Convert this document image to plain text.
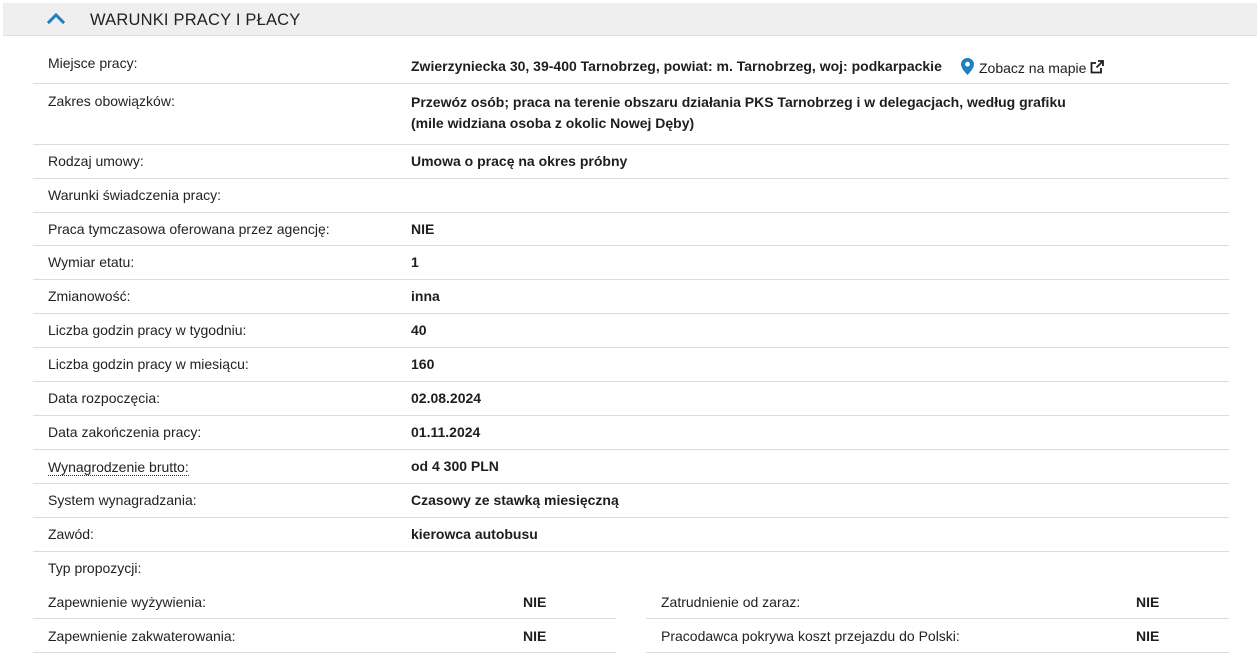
WARUNKI PRACY I PŁACY
Miejsce pracy:	Zwierzyniecka 30, 39-400 Tarnobrzeg, powiat: m. Tarnobrzeg, woj: podkarpackie	Zobacz na mapie
Zakres obowiązków:	Przewóz osób; praca na terenie obszaru działania PKS Tarnobrzeg i w delegacjach, według grafiku
(mile widziana osoba z okolic Nowej Dęby)
Rodzaj umowy:	Umowa o pracę na okres próbny
Warunki świadczenia pracy:
Praca tymczasowa oferowana przez agencję:	NIE
Wymiar etatu:	1
Zmianowość:	inna
Liczba godzin pracy w tygodniu:	40
Liczba godzin pracy w miesiącu:	160
Data rozpoczęcia:	02.08.2024
Data zakończenia pracy:	01.11.2024
Wynagrodzenie brutto:	od 4 300 PLN
System wynagradzania:	Czasowy ze stawką miesięczną
Zawód:	kierowca autobusu
Typ propozycji:
Zapewnienie wyżywienia:	NIE	Zatrudnienie od zaraz:	NIE
Zapewnienie zakwaterowania:	NIE	Pracodawca pokrywa koszt przejazdu do Polski:	NIE
